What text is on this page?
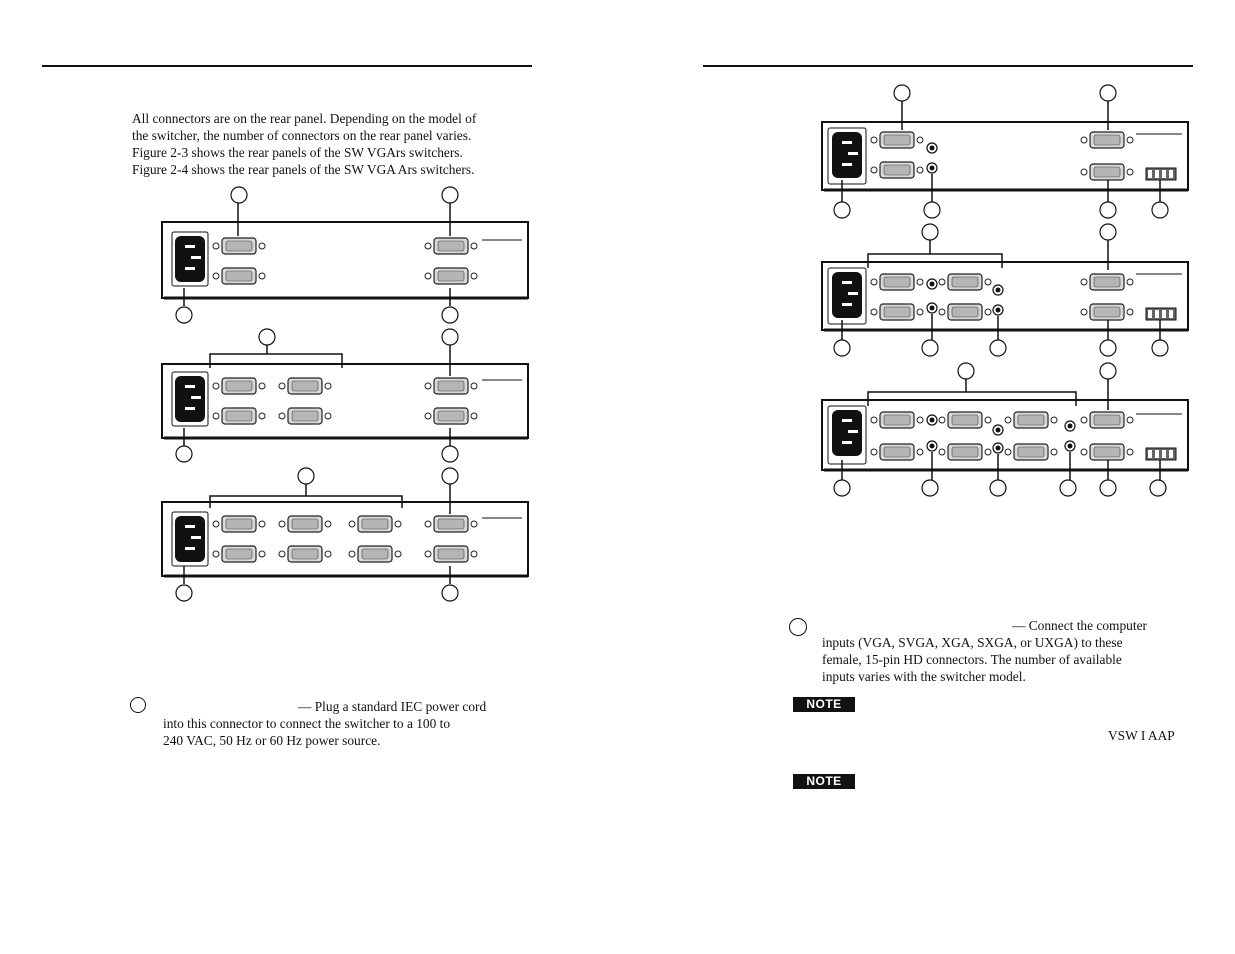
All connectors are on the rear panel. Depending on the model of
the switcher, the number of connectors on the rear panel varies.
Figure 2-3 shows the rear panels of the SW VGArs switchers.
Figure 2-4 shows the rear panels of the SW VGA Ars switchers.

— Plug a standard IEC power cord
into this connector to connect the switcher to a 100 to
240 VAC, 50 Hz or 60 Hz power source.

— Connect the computer
inputs (VGA, SVGA, XGA, SXGA, or UXGA) to these
female, 15-pin HD connectors. The number of available
inputs varies with the switcher model.

NOTE
VSW I AAP
NOTE
